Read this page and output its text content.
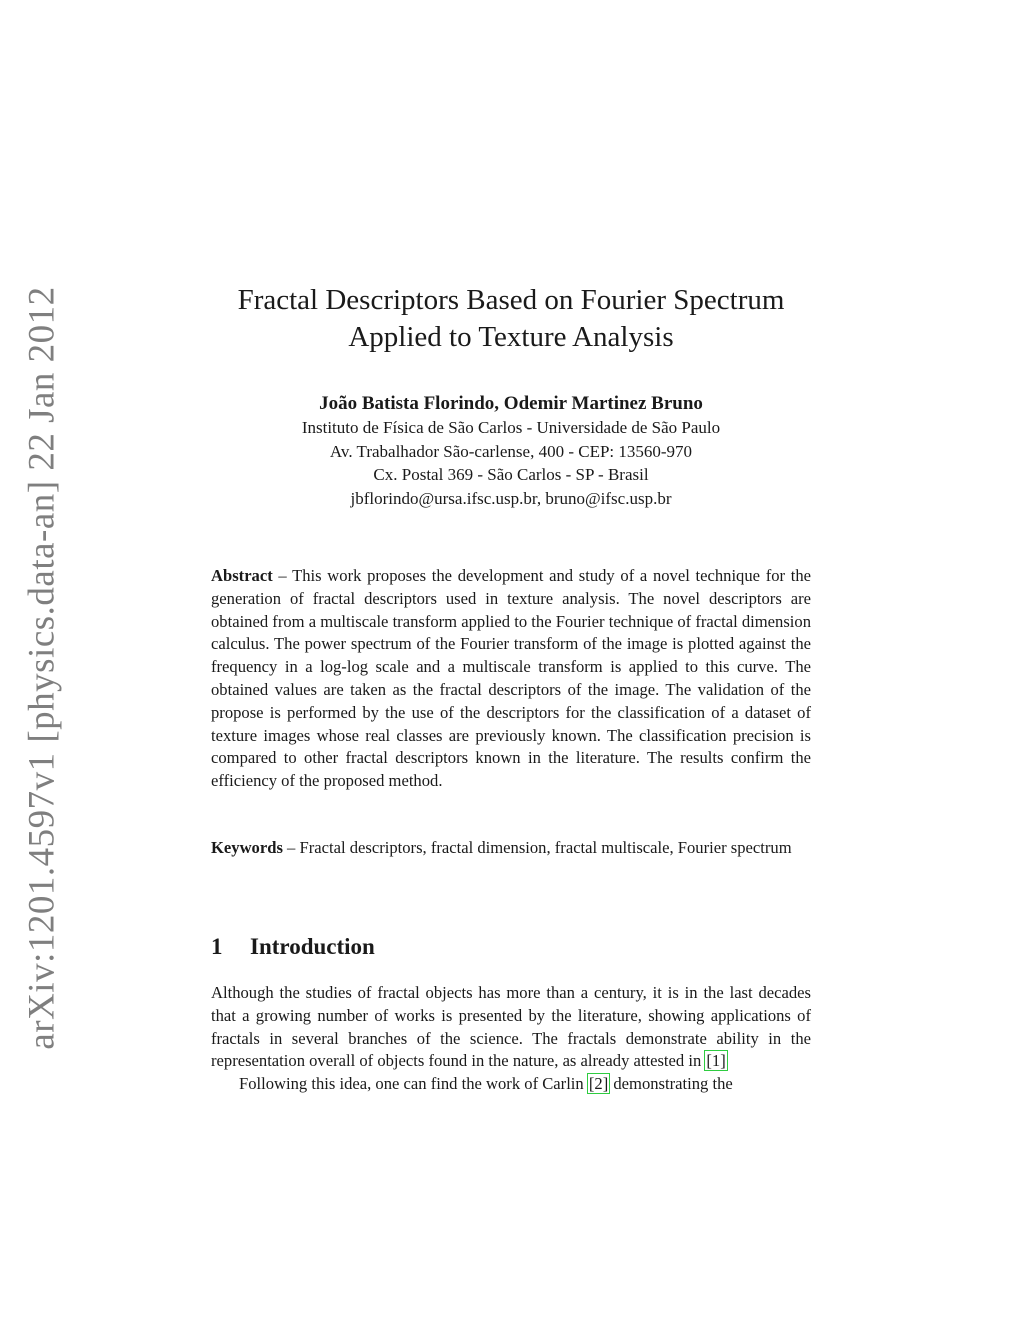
arXiv:1201.4597v1 [physics.data-an] 22 Jan 2012	Fractal Descriptors Based on Fourier Spectrum
Applied to Texture Analysis
João Batista Florindo, Odemir Martinez Bruno
Instituto de Física de São Carlos - Universidade de São Paulo
Av. Trabalhador São-carlense, 400 - CEP: 13560-970
Cx. Postal 369 - São Carlos - SP - Brasil
jbflorindo@ursa.ifsc.usp.br, bruno@ifsc.usp.br
Abstract – This work proposes the development and study of a novel technique for the generation of fractal descriptors used in texture analysis. The novel descriptors are obtained from a multiscale transform applied to the Fourier technique of fractal dimension calculus. The power spectrum of the Fourier transform of the image is plotted against the frequency in a log-log scale and a multiscale transform is applied to this curve. The obtained values are taken as the fractal descriptors of the image. The validation of the propose is performed by the use of the descriptors for the classification of a dataset of texture images whose real classes are previously known. The classification precision is compared to other fractal descriptors known in the literature. The results confirm the efficiency of the proposed method.
Keywords – Fractal descriptors, fractal dimension, fractal multiscale, Fourier spectrum
1 Introduction

Although the studies of fractal objects has more than a century, it is in the last decades that a growing number of works is presented by the literature, showing applications of fractals in several branches of the science. The fractals demonstrate ability in the representation overall of objects found in the nature, as already attested in [1]

Following this idea, one can find the work of Carlin [2] demonstrating the
